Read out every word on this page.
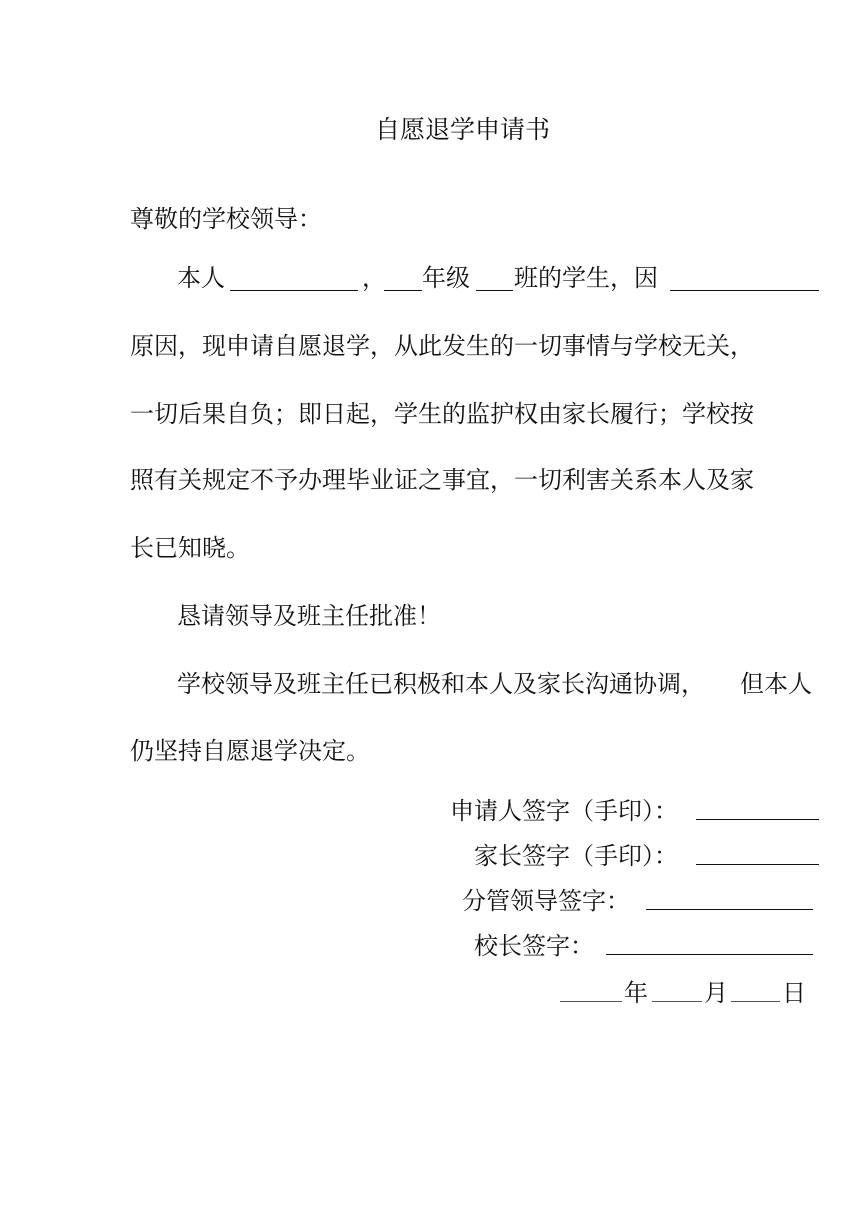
自愿退学申请书
尊敬的学校领导：
本人	， 年级 班的学生，因
原因，现申请自愿退学，从此发生的一切事情与学校无关，
一切后果自负；即日起，学生的监护权由家长履行；学校按
照有关规定不予办理毕业证之事宜，一切利害关系本人及家
长已知晓。
恳请领导及班主任批准！
学校领导及班主任已积极和本人及家长沟通协调， 但本人
仍坚持自愿退学决定。
申请人签字（手印）：
家长签字（手印）：
分管领导签字：
校长签字：
年 月 日
